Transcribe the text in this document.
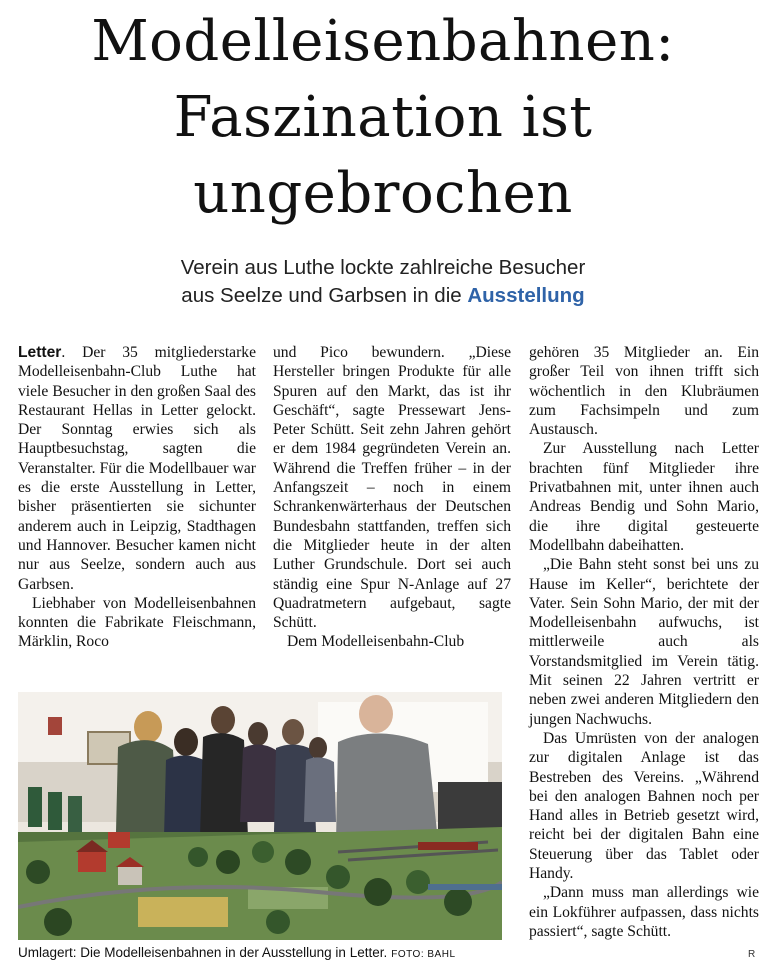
Modelleisenbahnen:
Faszination ist
ungebrochen
Verein aus Luthe lockte zahlreiche Besucher
aus Seelze und Garbsen in die Ausstellung

Letter. Der 35 mitgliederstarke Modelleisenbahn-Club Luthe hat viele Besucher in den großen Saal des Restaurant Hellas in Letter gelockt. Der Sonntag erwies sich als Hauptbesuchstag, sagten die Veranstalter. Für die Modellbauer war es die erste Ausstellung in Letter, bisher präsentierten sie sichunter anderem auch in Leipzig, Stadthagen und Hannover. Besucher kamen nicht nur aus Seelze, sondern auch aus Garbsen.

Liebhaber von Modelleisenbahnen konnten die Fabrikate Fleischmann, Märklin, Roco

und Pico bewundern. „Diese Hersteller bringen Produkte für alle Spuren auf den Markt, das ist ihr Geschäft“, sagte Pressewart Jens-Peter Schütt. Seit zehn Jahren gehört er dem 1984 gegründeten Verein an. Während die Treffen früher – in der Anfangszeit – noch in einem Schrankenwärterhaus der Deutschen Bundesbahn stattfanden, treffen sich die Mitglieder heute in der alten Luther Grundschule. Dort sei auch ständig eine Spur N-Anlage auf 27 Quadratmetern aufgebaut, sagte Schütt.

Dem Modelleisenbahn-Club

gehören 35 Mitglieder an. Ein großer Teil von ihnen trifft sich wöchentlich in den Klubräumen zum Fachsimpeln und zum Austausch.

Zur Ausstellung nach Letter brachten fünf Mitglieder ihre Privatbahnen mit, unter ihnen auch Andreas Bendig und Sohn Mario, die ihre digital gesteuerte Modellbahn dabeihatten.

„Die Bahn steht sonst bei uns zu Hause im Keller“, berichtete der Vater. Sein Sohn Mario, der mit der Modelleisenbahn aufwuchs, ist mittlerweile auch als Vorstandsmitglied im Verein tätig. Mit seinen 22 Jahren vertritt er neben zwei anderen Mitgliedern den jungen Nachwuchs.

Das Umrüsten von der analogen zur digitalen Anlage ist das Bestreben des Vereins. „Während bei den analogen Bahnen noch per Hand alles in Betrieb gesetzt wird, reicht bei der digitalen Bahn eine Steuerung über das Tablet oder Handy.

„Dann muss man allerdings wie ein Lokführer aufpassen, dass nichts passiert“, sagte Schütt.

Umlagert: Die Modelleisenbahnen in der Ausstellung in Letter. FOTO: BAHL	R
